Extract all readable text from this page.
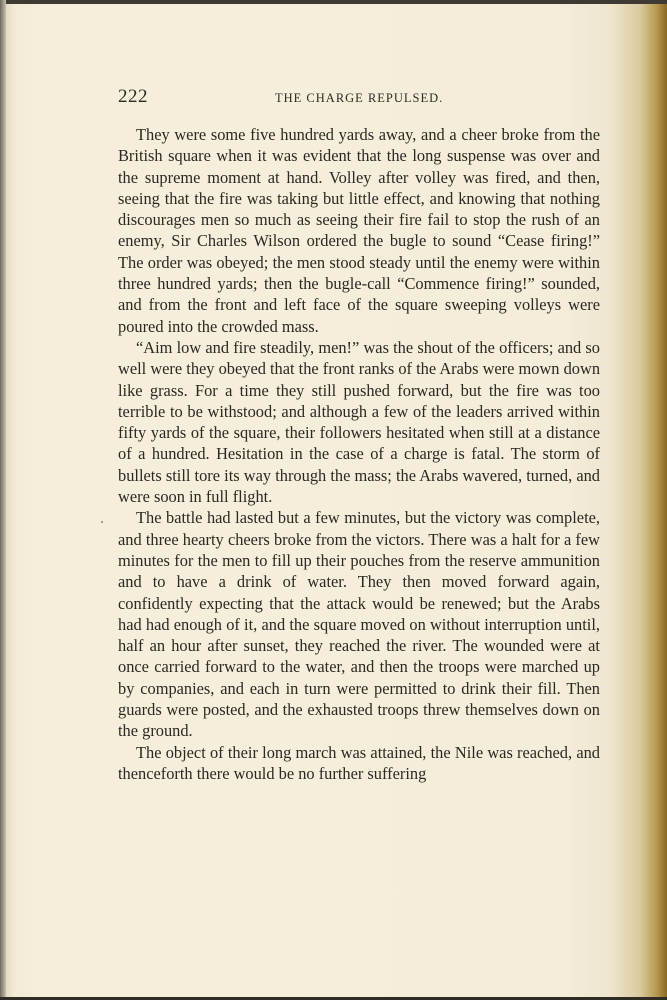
222	THE CHARGE REPULSED.

They were some five hundred yards away, and a cheer broke from the British square when it was evident that the long suspense was over and the supreme moment at hand. Volley after volley was fired, and then, seeing that the fire was taking but little effect, and knowing that nothing discourages men so much as seeing their fire fail to stop the rush of an enemy, Sir Charles Wilson ordered the bugle to sound “Cease firing!” The order was obeyed; the men stood steady until the enemy were within three hundred yards; then the bugle-call “Commence firing!” sounded, and from the front and left face of the square sweeping volleys were poured into the crowded mass.

“Aim low and fire steadily, men!” was the shout of the officers; and so well were they obeyed that the front ranks of the Arabs were mown down like grass. For a time they still pushed forward, but the fire was too terrible to be withstood; and although a few of the leaders arrived within fifty yards of the square, their followers hesitated when still at a distance of a hundred. Hesitation in the case of a charge is fatal. The storm of bullets still tore its way through the mass; the Arabs wavered, turned, and were soon in full flight.

The battle had lasted but a few minutes, but the victory was complete, and three hearty cheers broke from the victors. There was a halt for a few minutes for the men to fill up their pouches from the reserve ammunition and to have a drink of water. They then moved forward again, confidently expecting that the attack would be renewed; but the Arabs had had enough of it, and the square moved on without interruption until, half an hour after sunset, they reached the river. The wounded were at once carried forward to the water, and then the troops were marched up by companies, and each in turn were permitted to drink their fill. Then guards were posted, and the exhausted troops threw themselves down on the ground.

The object of their long march was attained, the Nile was reached, and thenceforth there would be no further suffering
